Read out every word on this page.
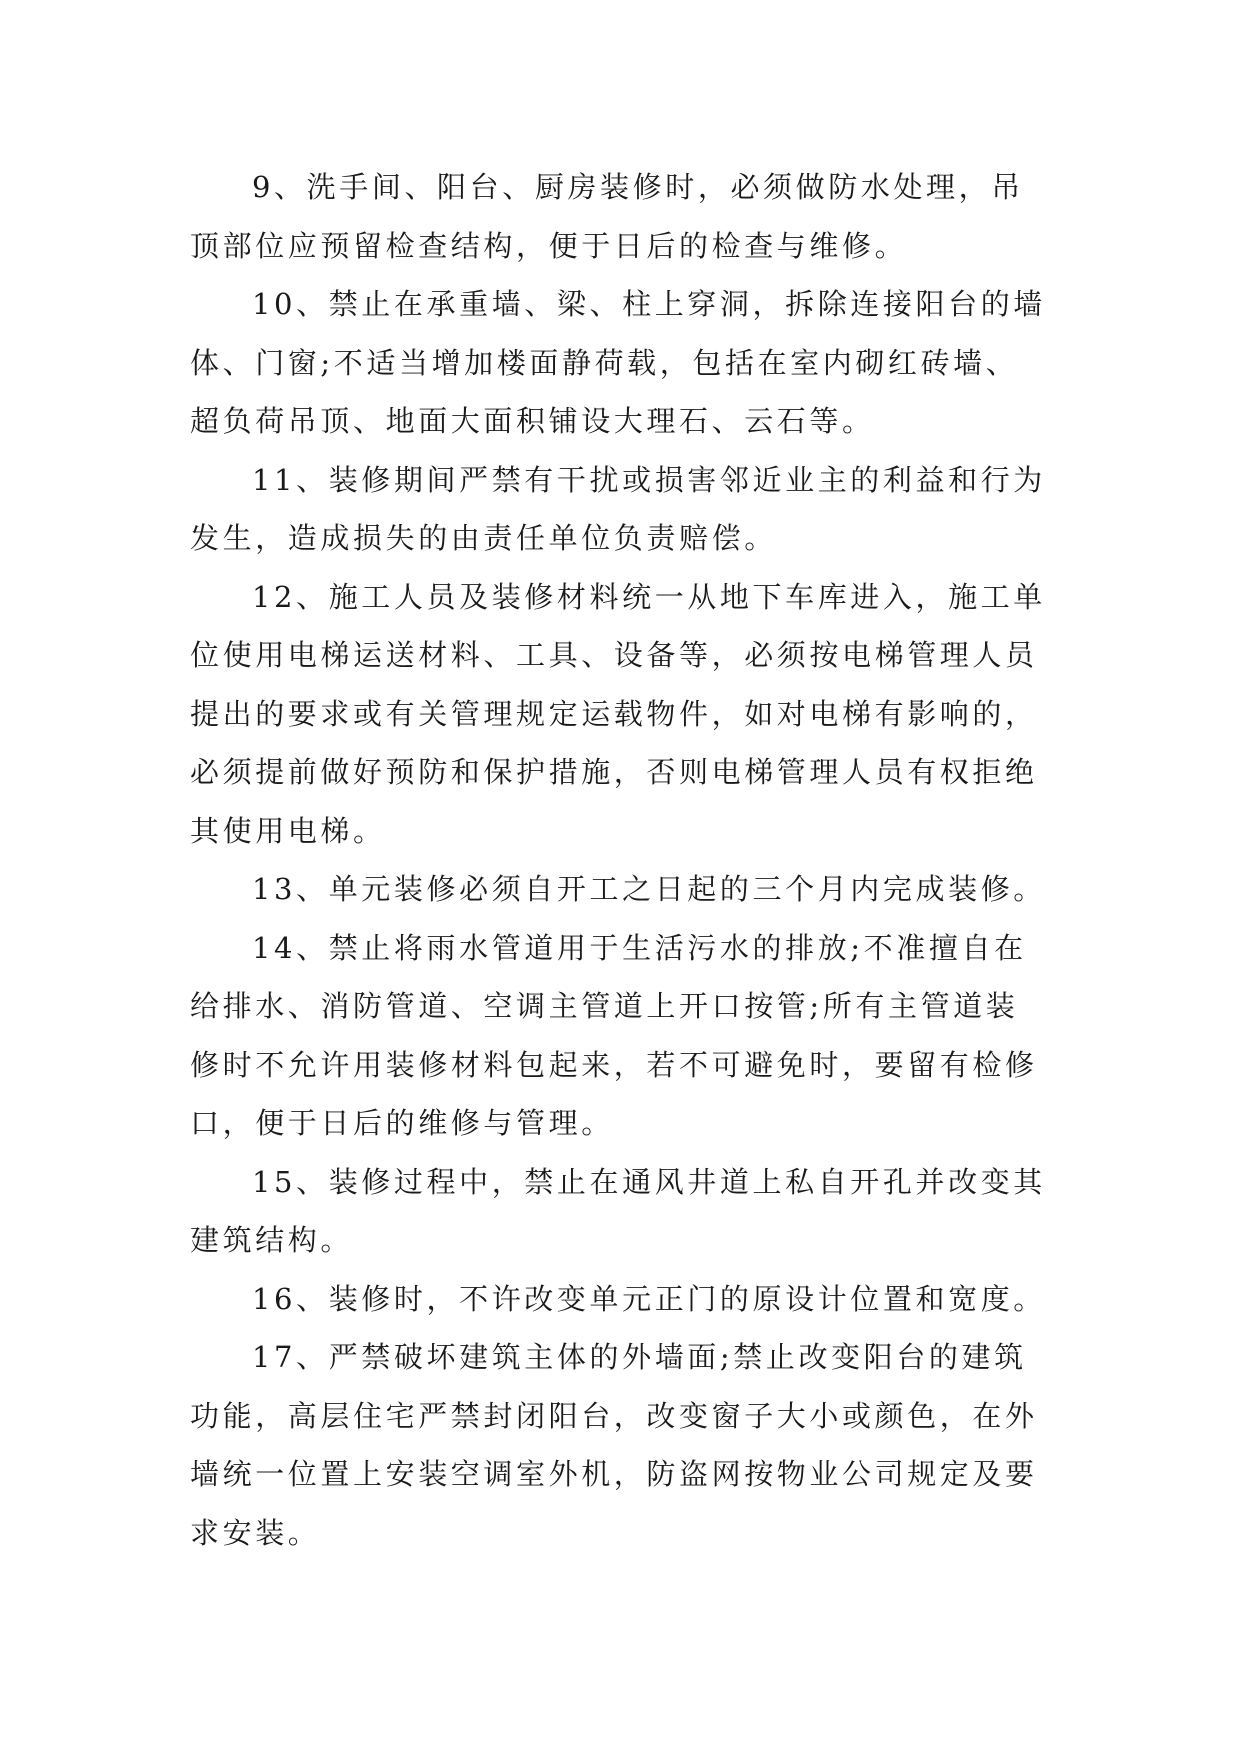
9、洗手间、阳台、厨房装修时，必须做防水处理，吊
顶部位应预留检查结构，便于日后的检查与维修。
10、禁止在承重墙、梁、柱上穿洞，拆除连接阳台的墙
体、门窗;不适当增加楼面静荷载，包括在室内砌红砖墙、
超负荷吊顶、地面大面积铺设大理石、云石等。
11、装修期间严禁有干扰或损害邻近业主的利益和行为
发生，造成损失的由责任单位负责赔偿。
12、施工人员及装修材料统一从地下车库进入，施工单
位使用电梯运送材料、工具、设备等，必须按电梯管理人员
提出的要求或有关管理规定运载物件，如对电梯有影响的，
必须提前做好预防和保护措施，否则电梯管理人员有权拒绝
其使用电梯。
13、单元装修必须自开工之日起的三个月内完成装修。
14、禁止将雨水管道用于生活污水的排放;不准擅自在
给排水、消防管道、空调主管道上开口按管;所有主管道装
修时不允许用装修材料包起来，若不可避免时，要留有检修
口，便于日后的维修与管理。
15、装修过程中，禁止在通风井道上私自开孔并改变其
建筑结构。
16、装修时，不许改变单元正门的原设计位置和宽度。
17、严禁破坏建筑主体的外墙面;禁止改变阳台的建筑
功能，高层住宅严禁封闭阳台，改变窗子大小或颜色，在外
墙统一位置上安装空调室外机，防盗网按物业公司规定及要
求安装。
